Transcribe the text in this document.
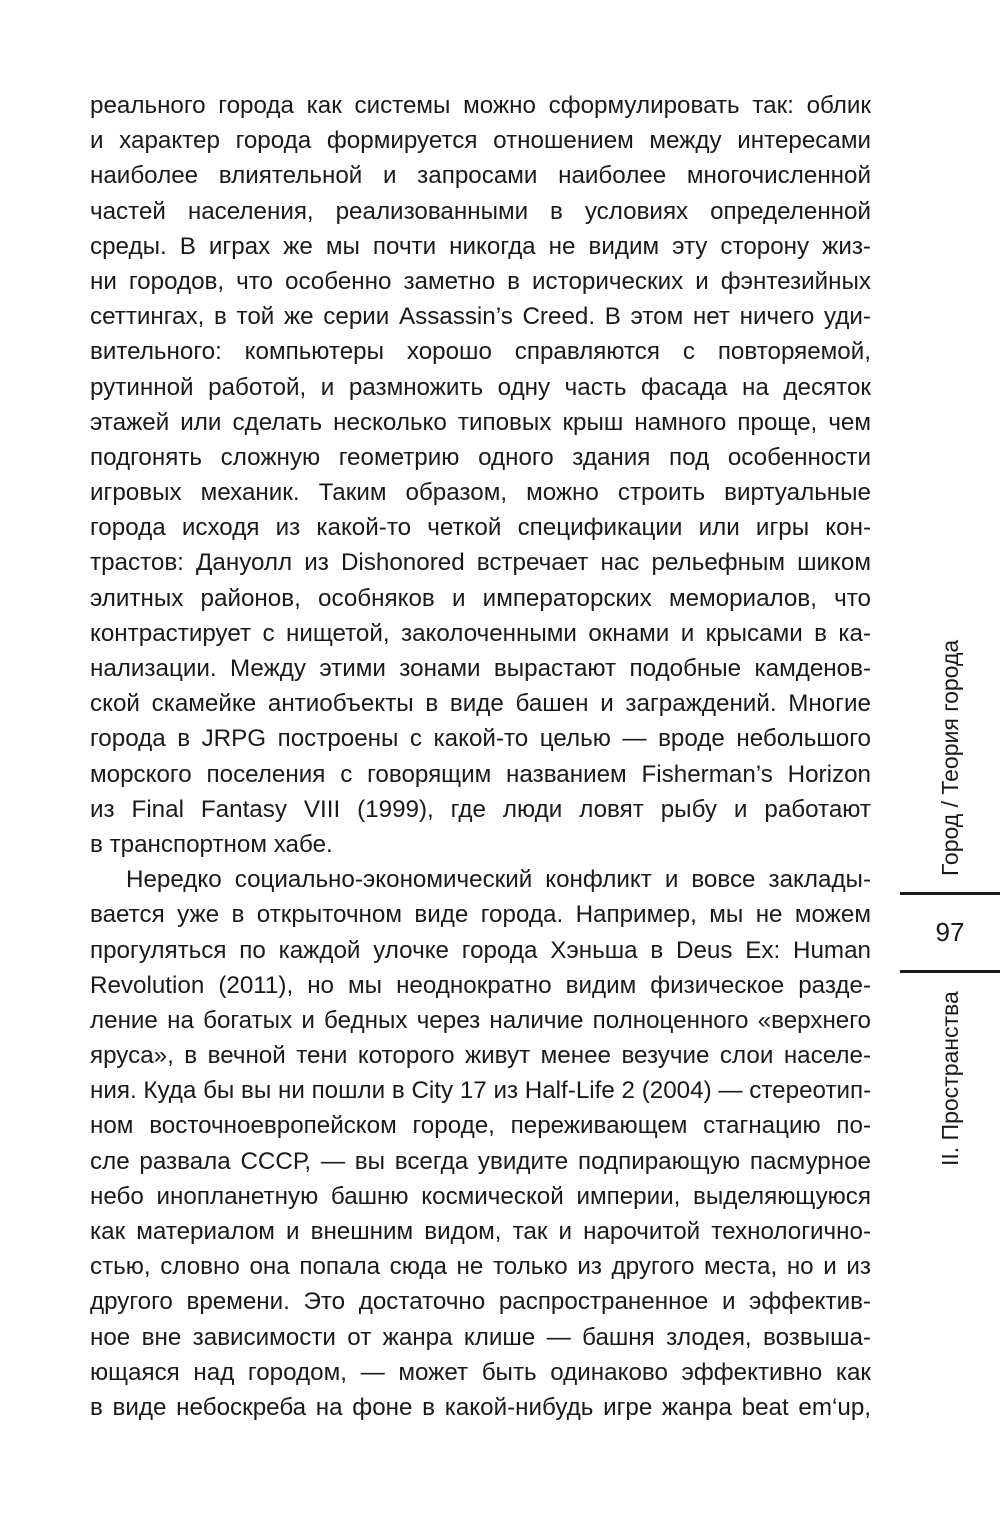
реального города как системы можно сформулировать так: облик
и характер города формируется отношением между интересами
наиболее влиятельной и запросами наиболее многочисленной
частей населения, реализованными в условиях определенной
среды. В играх же мы почти никогда не видим эту сторону жиз-
ни городов, что особенно заметно в исторических и фэнтезийных
сеттингах, в той же серии Assassin’s Creed. В этом нет ничего уди-
вительного: компьютеры хорошо справляются с повторяемой,
рутинной работой, и размножить одну часть фасада на десяток
этажей или сделать несколько типовых крыш намного проще, чем
подгонять сложную геометрию одного здания под особенности
игровых механик. Таким образом, можно строить виртуальные
города исходя из какой-то четкой спецификации или игры кон-
трастов: Дануолл из Dishonored встречает нас рельефным шиком
элитных районов, особняков и императорских мемориалов, что
контрастирует с нищетой, заколоченными окнами и крысами в ка-
нализации. Между этими зонами вырастают подобные камденов-
ской скамейке антиобъекты в виде башен и заграждений. Многие
города в JRPG построены с какой-то целью — вроде небольшого
морского поселения с говорящим названием Fisherman’s Horizon
из Final Fantasy VIII (1999), где люди ловят рыбу и работают
в транспортном хабе.
Нередко социально-экономический конфликт и вовсе заклады-
вается уже в открыточном виде города. Например, мы не можем
прогуляться по каждой улочке города Хэньша в Deus Ex: Human
Revolution (2011), но мы неоднократно видим физическое разде-
ление на богатых и бедных через наличие полноценного «верхнего
яруса», в вечной тени которого живут менее везучие слои населе-
ния. Куда бы вы ни пошли в City 17 из Half-Life 2 (2004) — стереотип-
ном восточноевропейском городе, переживающем стагнацию по-
сле развала СССР, — вы всегда увидите подпирающую пасмурное
небо инопланетную башню космической империи, выделяющуюся
как материалом и внешним видом, так и нарочитой технологично-
стью, словно она попала сюда не только из другого места, но и из
другого времени. Это достаточно распространенное и эффектив-
ное вне зависимости от жанра клише — башня злодея, возвыша-
ющаяся над городом, — может быть одинаково эффективно как
в виде небоскреба на фоне в какой-нибудь игре жанра beat em‘up,
Город / Теория города
97
II. Пространства
